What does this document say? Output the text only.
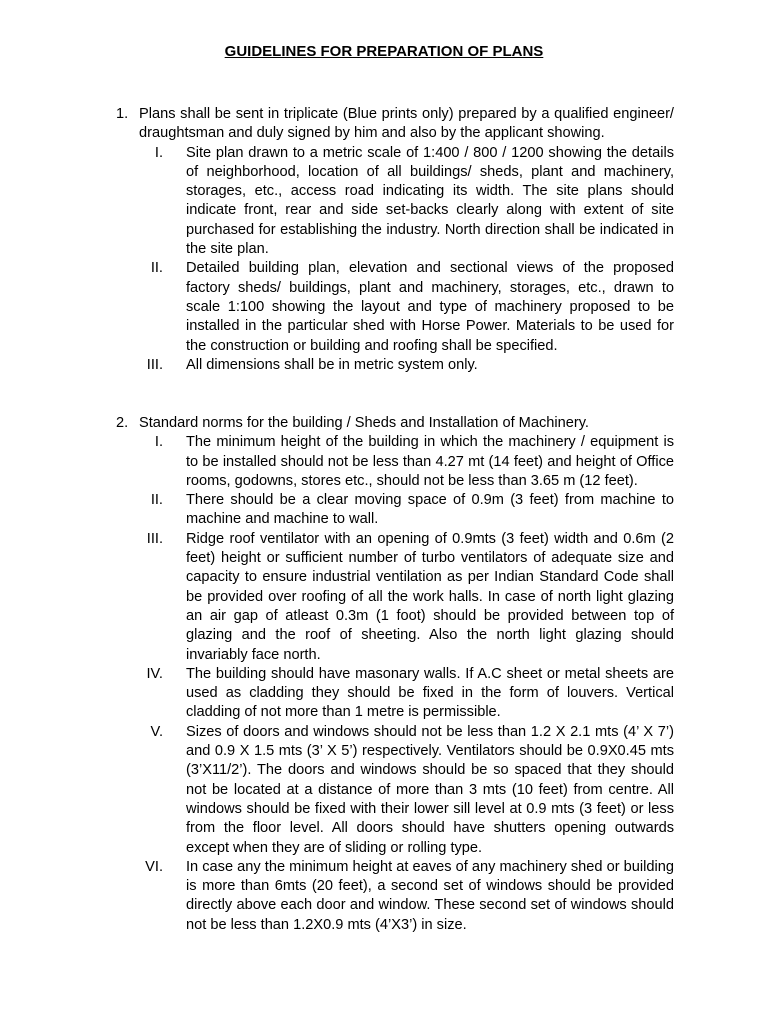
GUIDELINES FOR PREPARATION OF PLANS
1. Plans shall be sent in triplicate (Blue prints only) prepared by a qualified engineer/ draughtsman and duly signed by him and also by the applicant showing.
I. Site plan drawn to a metric scale of 1:400 / 800 / 1200 showing the details of neighborhood, location of all buildings/ sheds, plant and machinery, storages, etc., access road indicating its width. The site plans should indicate front, rear and side set-backs clearly along with extent of site purchased for establishing the industry. North direction shall be indicated in the site plan.
II. Detailed building plan, elevation and sectional views of the proposed factory sheds/ buildings, plant and machinery, storages, etc., drawn to scale 1:100 showing the layout and type of machinery proposed to be installed in the particular shed with Horse Power. Materials to be used for the construction or building and roofing shall be specified.
III. All dimensions shall be in metric system only.
2. Standard norms for the building / Sheds and Installation of Machinery.
I. The minimum height of the building in which the machinery / equipment is to be installed should not be less than 4.27 mt (14 feet) and height of Office rooms, godowns, stores etc., should not be less than 3.65 m (12 feet).
II. There should be a clear moving space of 0.9m (3 feet) from machine to machine and machine to wall.
III. Ridge roof ventilator with an opening of 0.9mts (3 feet) width and 0.6m (2 feet) height or sufficient number of turbo ventilators of adequate size and capacity to ensure industrial ventilation as per Indian Standard Code shall be provided over roofing of all the work halls. In case of north light glazing an air gap of atleast 0.3m (1 foot) should be provided between top of glazing and the roof of sheeting. Also the north light glazing should invariably face north.
IV. The building should have masonary walls. If A.C sheet or metal sheets are used as cladding they should be fixed in the form of louvers. Vertical cladding of not more than 1 metre is permissible.
V. Sizes of doors and windows should not be less than 1.2 X 2.1 mts (4’ X 7’) and 0.9 X 1.5 mts (3’ X 5’) respectively. Ventilators should be 0.9X0.45 mts (3’X11/2’). The doors and windows should be so spaced that they should not be located at a distance of more than 3 mts (10 feet) from centre. All windows should be fixed with their lower sill level at 0.9 mts (3 feet) or less from the floor level. All doors should have shutters opening outwards except when they are of sliding or rolling type.
VI. In case any the minimum height at eaves of any machinery shed or building is more than 6mts (20 feet), a second set of windows should be provided directly above each door and window. These second set of windows should not be less than 1.2X0.9 mts (4’X3’) in size.
